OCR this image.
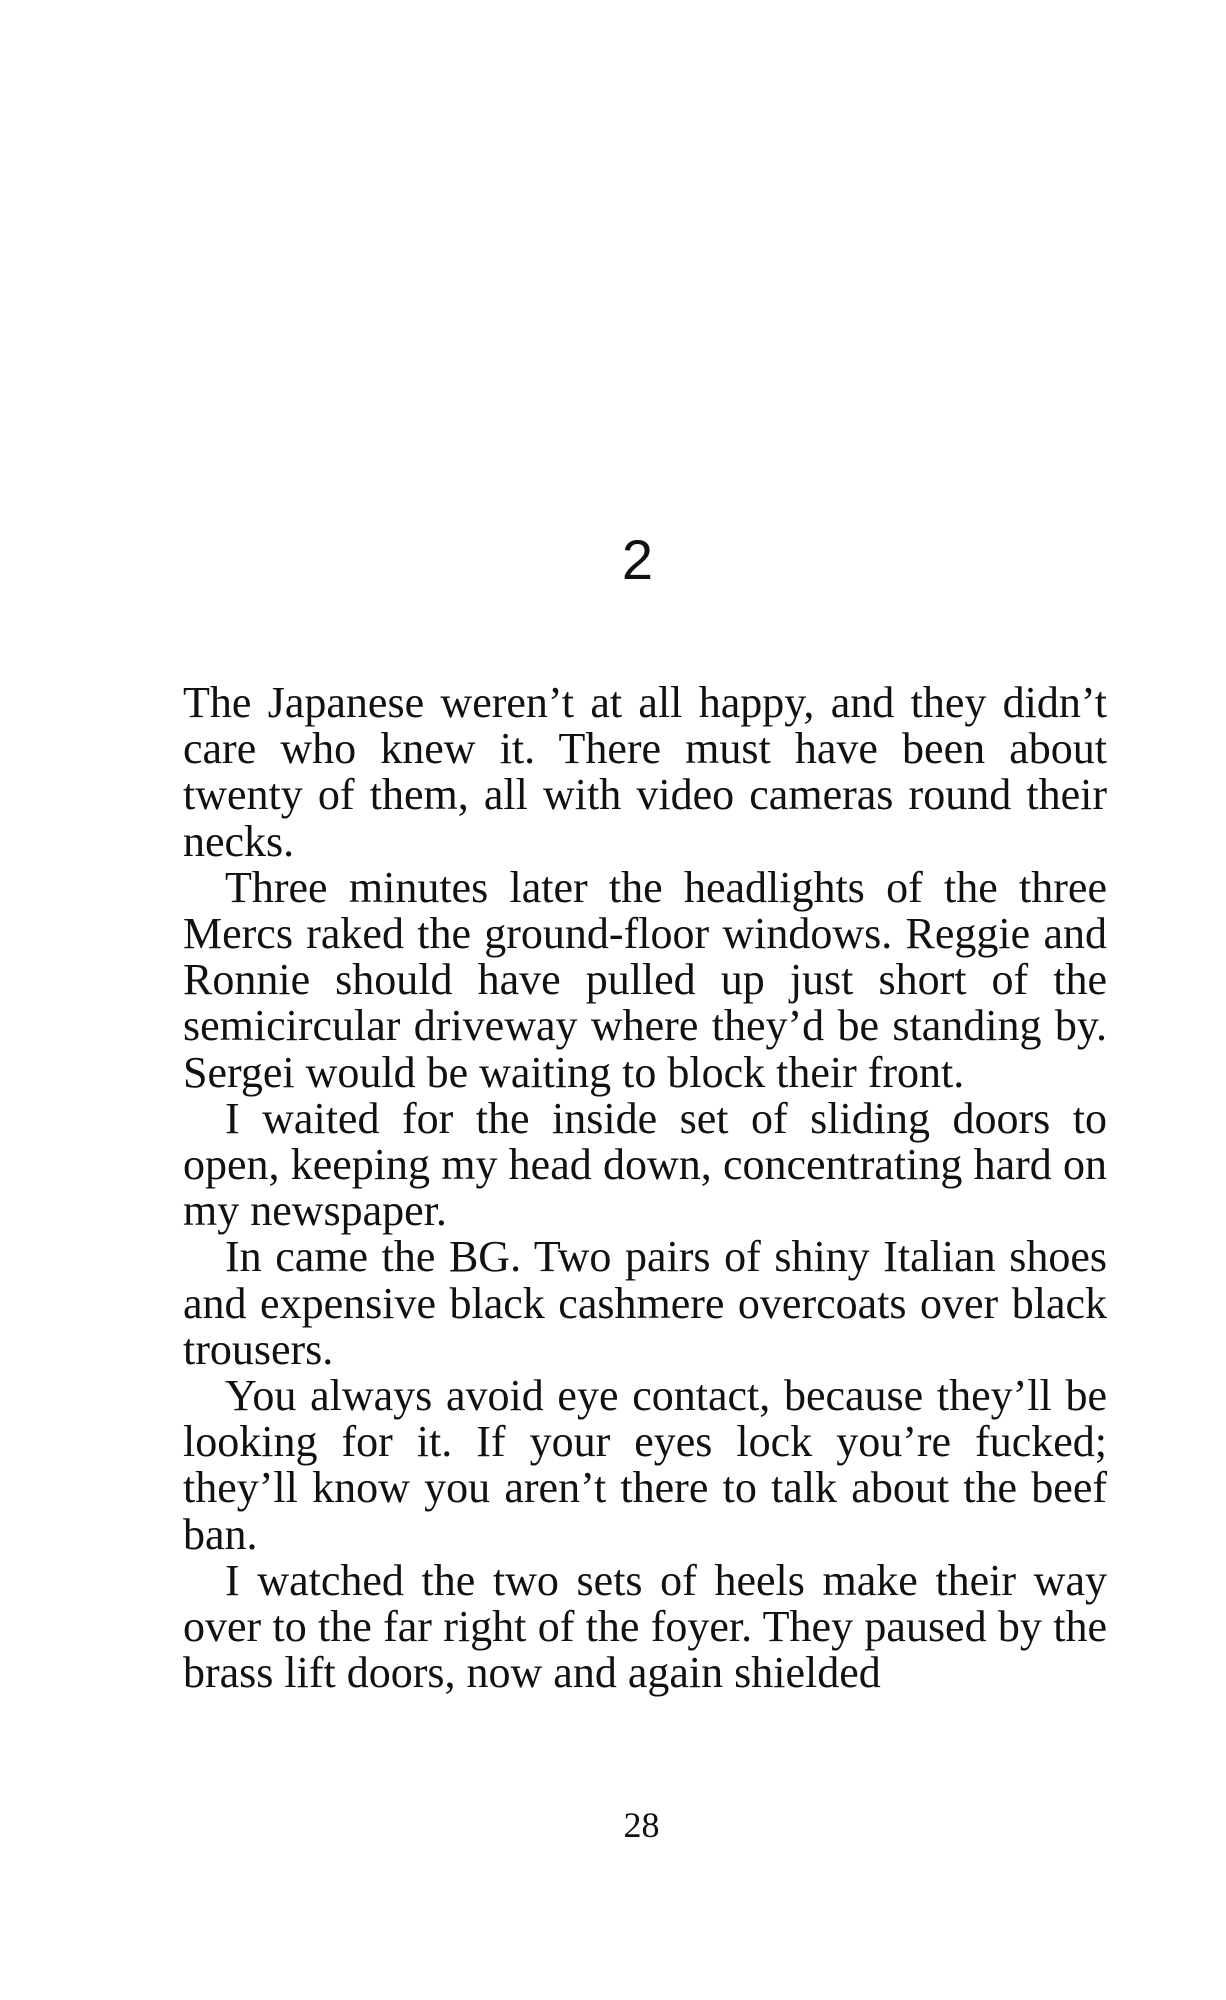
2

The Japanese weren’t at all happy, and they didn’t care who knew it. There must have been about twenty of them, all with video cameras round their necks.

Three minutes later the headlights of the three Mercs raked the ground-floor windows. Reggie and Ronnie should have pulled up just short of the semicircular driveway where they’d be standing by. Sergei would be waiting to block their front.

I waited for the inside set of sliding doors to open, keeping my head down, concentrating hard on my newspaper.

In came the BG. Two pairs of shiny Italian shoes and expensive black cashmere overcoats over black trousers.

You always avoid eye contact, because they’ll be looking for it. If your eyes lock you’re fucked; they’ll know you aren’t there to talk about the beef ban.

I watched the two sets of heels make their way over to the far right of the foyer. They paused by the brass lift doors, now and again shielded

28
